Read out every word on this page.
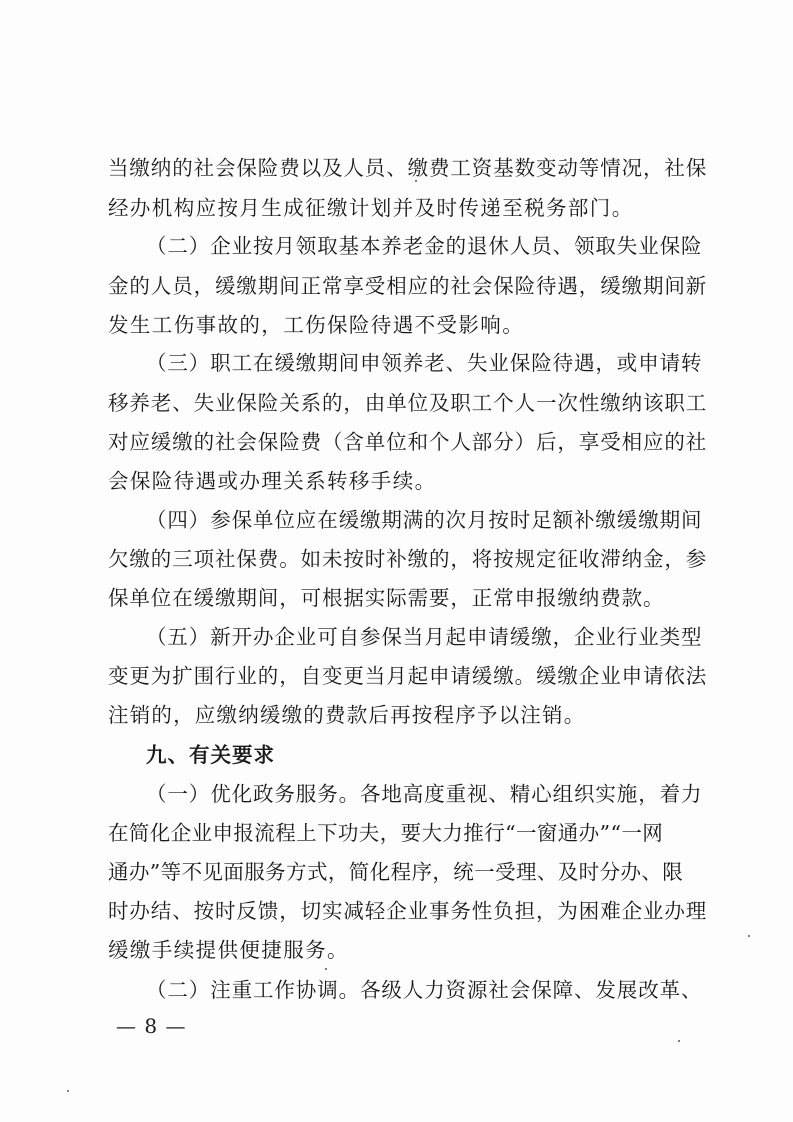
当缴纳的社会保险费以及人员、缴费工资基数变动等情况，社保
经办机构应按月生成征缴计划并及时传递至税务部门。
（二）企业按月领取基本养老金的退休人员、领取失业保险
金的人员，缓缴期间正常享受相应的社会保险待遇，缓缴期间新
发生工伤事故的，工伤保险待遇不受影响。
（三）职工在缓缴期间申领养老、失业保险待遇，或申请转
移养老、失业保险关系的，由单位及职工个人一次性缴纳该职工
对应缓缴的社会保险费（含单位和个人部分）后，享受相应的社
会保险待遇或办理关系转移手续。
（四）参保单位应在缓缴期满的次月按时足额补缴缓缴期间
欠缴的三项社保费。如未按时补缴的，将按规定征收滞纳金，参
保单位在缓缴期间，可根据实际需要，正常申报缴纳费款。
（五）新开办企业可自参保当月起申请缓缴，企业行业类型
变更为扩围行业的，自变更当月起申请缓缴。缓缴企业申请依法
注销的，应缴纳缓缴的费款后再按程序予以注销。
九、有关要求
（一）优化政务服务。各地高度重视、精心组织实施，着力
在简化企业申报流程上下功夫，要大力推行“一窗通办”“一网
通办”等不见面服务方式，简化程序，统一受理、及时分办、限
时办结、按时反馈，切实减轻企业事务性负担，为困难企业办理
缓缴手续提供便捷服务。
（二）注重工作协调。各级人力资源社会保障、发展改革、
— 8 —
